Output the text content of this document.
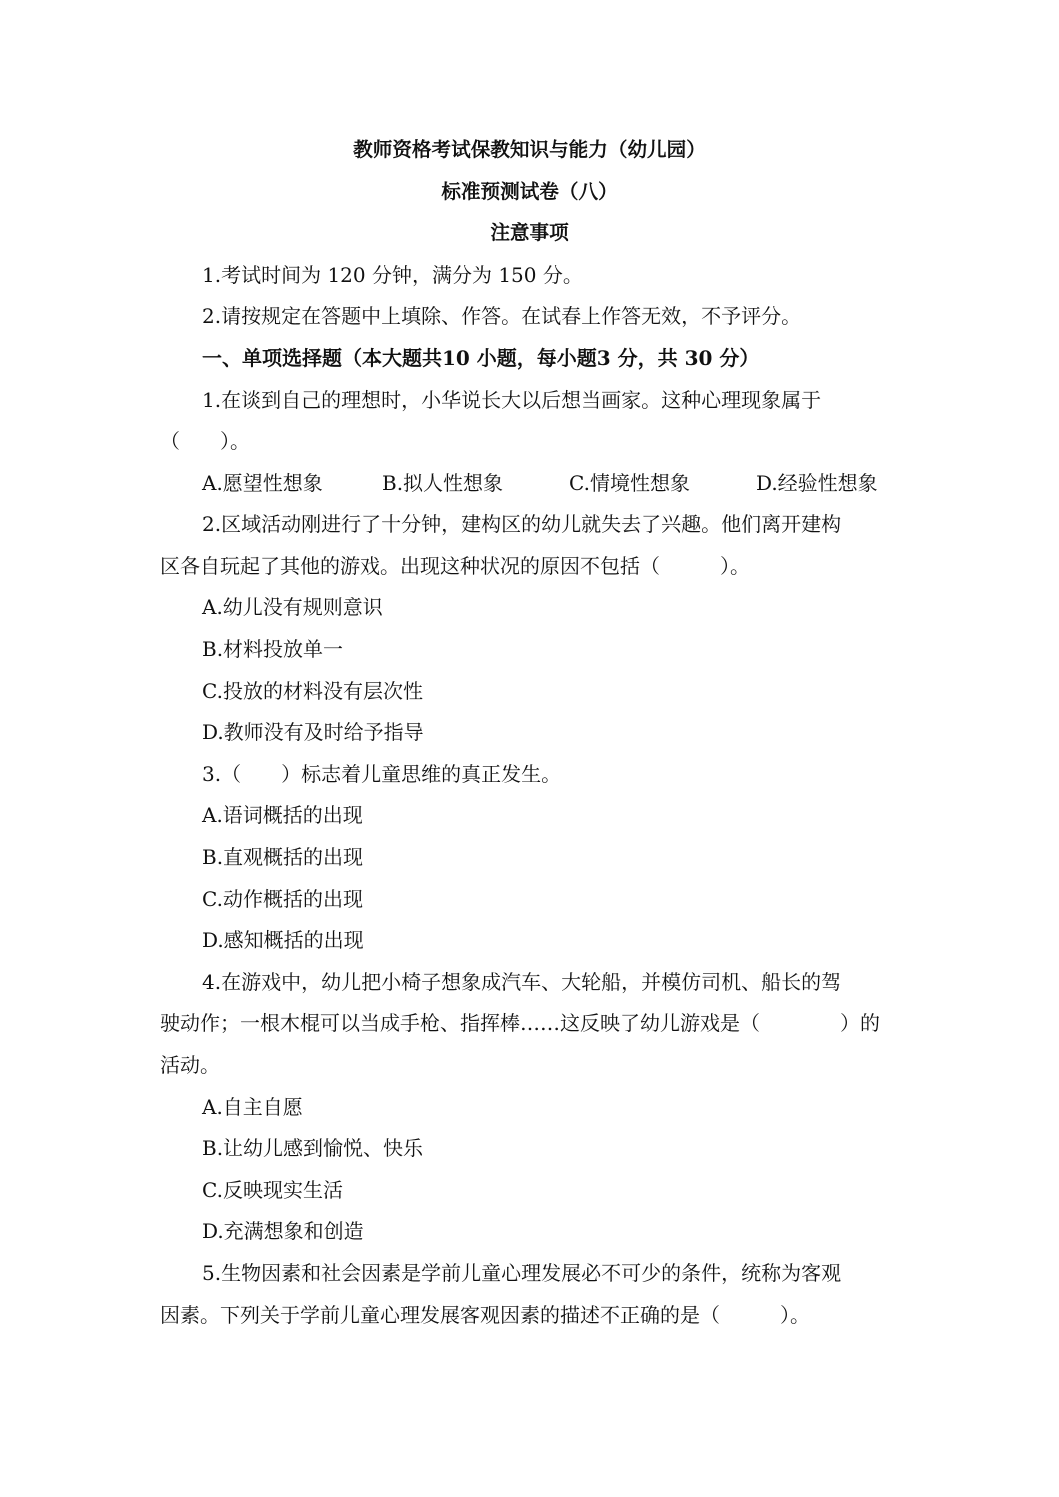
教师资格考试保教知识与能力（幼儿园）
标准预测试卷（八）
注意事项
1.考试时间为 120 分钟，满分为 150 分。
2.请按规定在答题中上填除、作答。在试春上作答无效，不予评分。
一、单项选择题（本大题共10 小题，每小题3 分，共 30 分）
1.在谈到自己的理想时，小华说长大以后想当画家。这种心理现象属于
（　　）。
A.愿望性想象	B.拟人性想象	C.情境性想象	D.经验性想象
2.区域活动刚进行了十分钟，建构区的幼儿就失去了兴趣。他们离开建构
区各自玩起了其他的游戏。出现这种状况的原因不包括（　　　）。
A.幼儿没有规则意识
B.材料投放单一
C.投放的材料没有层次性
D.教师没有及时给予指导
3.（　　）标志着儿童思维的真正发生。
A.语词概括的出现
B.直观概括的出现
C.动作概括的出现
D.感知概括的出现
4.在游戏中，幼儿把小椅子想象成汽车、大轮船，并模仿司机、船长的驾
驶动作；一根木棍可以当成手枪、指挥棒……这反映了幼儿游戏是（　　　　）的
活动。
A.自主自愿
B.让幼儿感到愉悦、快乐
C.反映现实生活
D.充满想象和创造
5.生物因素和社会因素是学前儿童心理发展必不可少的条件，统称为客观
因素。下列关于学前儿童心理发展客观因素的描述不正确的是（　　　）。
